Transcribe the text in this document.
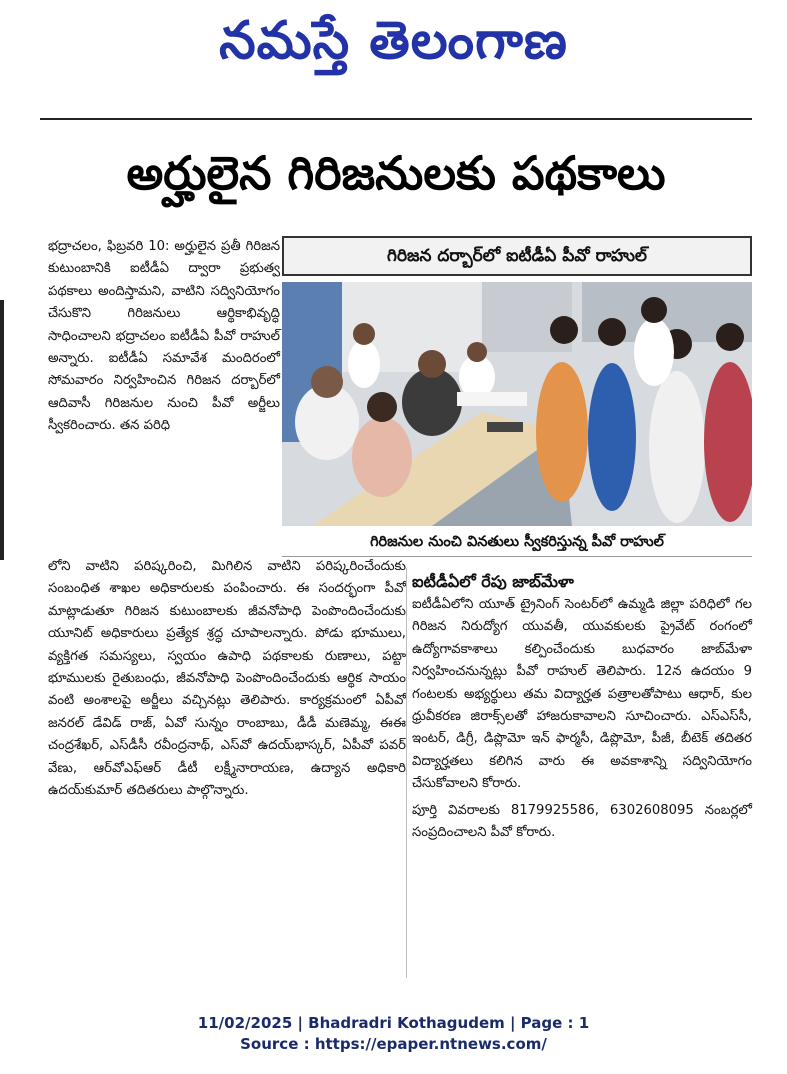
నమస్తే తెలంగాణ
అర్హులైన గిరిజనులకు పథకాలు

భద్రాచలం, ఫిబ్రవరి 10: అర్హులైన ప్రతీ గిరిజన కుటుంబానికి ఐటీడీఏ ద్వారా ప్రభుత్వ పథకాలు అందిస్తామని, వాటిని సద్వినియోగం చేసుకొని గిరిజనులు ఆర్థికాభివృద్ధి సాధించాలని భద్రాచలం ఐటీడీఏ పీవో రాహుల్ అన్నారు. ఐటీడీఏ సమావేశ మందిరంలో సోమవారం నిర్వహించిన గిరిజన దర్బార్‌లో ఆదివాసీ గిరిజనుల నుంచి పీవో అర్జీలు స్వీకరించారు. తన పరిధి

గిరిజన దర్బార్‌లో ఐటీడీఏ పీవో రాహుల్
గిరిజనుల నుంచి వినతులు స్వీకరిస్తున్న పీవో రాహుల్

లోని వాటిని పరిష్కరించి, మిగిలిన వాటిని పరిష్కరించేందుకు సంబంధిత శాఖల అధికారులకు పంపించారు. ఈ సందర్భంగా పీవో మాట్లాడుతూ గిరిజన కుటుంబాలకు జీవనోపాధి పెంపొందించేందుకు యూనిట్ అధికారులు ప్రత్యేక శ్రద్ధ చూపాలన్నారు. పోడు భూములు, వ్యక్తిగత సమస్యలు, స్వయం ఉపాధి పథకాలకు రుణాలు, పట్టా భూములకు రైతుబంధు, జీవనోపాధి పెంపొందించేందుకు ఆర్థిక సాయం వంటి అంశాలపై అర్జీలు వచ్చినట్లు తెలిపారు. కార్యక్రమంలో ఏపీవో జనరల్ డేవిడ్ రాజ్, ఏవో సున్నం రాంబాబు, డీడీ మణెమ్మ, ఈఈ చంద్రశేఖర్, ఎస్‌డీసీ రవీంద్రనాథ్, ఎస్‌వో ఉదయ్‌భాస్కర్, ఏపీవో పవర్ వేణు, ఆర్‌వోఎఫ్‌ఆర్ డీటీ లక్ష్మీనారాయణ, ఉద్యాన అధికారి ఉదయ్‌కుమార్ తదితరులు పాల్గొన్నారు.

ఐటీడీఏలో రేపు జాబ్‌మేళా

ఐటీడీఏలోని యూత్ ట్రైనింగ్ సెంటర్‌లో ఉమ్మడి జిల్లా పరిధిలో గల గిరిజన నిరుద్యోగ యువతీ, యువకులకు ప్రైవేట్ రంగంలో ఉద్యోగావకాశాలు కల్పించేందుకు బుధవారం జాబ్‌మేళా నిర్వహించనున్నట్లు పీవో రాహుల్ తెలిపారు. 12న ఉదయం 9 గంటలకు అభ్యర్థులు తమ విద్యార్హత పత్రాలతోపాటు ఆధార్, కుల ధ్రువీకరణ జిరాక్స్‌లతో హాజరుకావాలని సూచించారు. ఎస్‌ఎస్‌సీ, ఇంటర్, డిగ్రీ, డిప్లొమో ఇన్ ఫార్మసీ, డిప్లొమో, పీజీ, బీటెక్ తదితర విద్యార్హతలు కలిగిన వారు ఈ అవకాశాన్ని సద్వినియోగం చేసుకోవాలని కోరారు.

పూర్తి వివరాలకు 8179925586, 6302608095 నంబర్లలో సంప్రదించాలని పీవో కోరారు.

11/02/2025 | Bhadradri Kothagudem | Page : 1
Source : https://epaper.ntnews.com/
